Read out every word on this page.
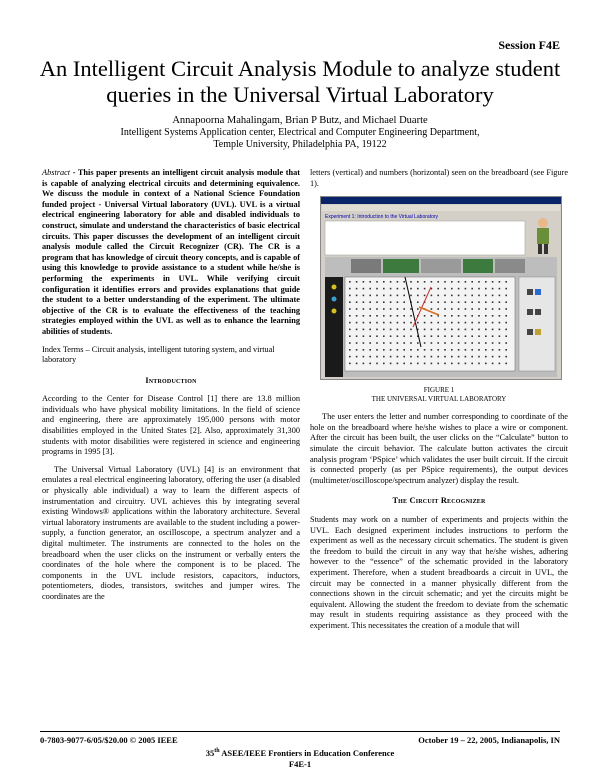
Session F4E
An Intelligent Circuit Analysis Module to analyze student queries in the Universal Virtual Laboratory
Annapoorna Mahalingam, Brian P Butz, and Michael Duarte
Intelligent Systems Application center, Electrical and Computer Engineering Department,
Temple University, Philadelphia PA, 19122

Abstract - This paper presents an intelligent circuit analysis module that is capable of analyzing electrical circuits and determining equivalence. We discuss the module in context of a National Science Foundation funded project - Universal Virtual laboratory (UVL). UVL is a virtual electrical engineering laboratory for able and disabled individuals to construct, simulate and understand the characteristics of basic electrical circuits. This paper discusses the development of an intelligent circuit analysis module called the Circuit Recognizer (CR). The CR is a program that has knowledge of circuit theory concepts, and is capable of using this knowledge to provide assistance to a student while he/she is performing the experiments in UVL. While verifying circuit configuration it identifies errors and provides explanations that guide the student to a better understanding of the experiment. The ultimate objective of the CR is to evaluate the effectiveness of the teaching strategies employed within the UVL as well as to enhance the learning abilities of students.

Index Terms – Circuit analysis, intelligent tutoring system, and virtual laboratory

Introduction

According to the Center for Disease Control [1] there are 13.8 million individuals who have physical mobility limitations. In the field of science and engineering, there are approximately 195,000 persons with motor disabilities employed in the United States [2]. Also, approximately 31,300 students with motor disabilities were registered in science and engineering programs in 1995 [3].

The Universal Virtual Laboratory (UVL) [4] is an environment that emulates a real electrical engineering laboratory, offering the user (a disabled or physically able individual) a way to learn the different aspects of instrumentation and circuitry. UVL achieves this by integrating several existing Windows® applications within the laboratory architecture. Several virtual laboratory instruments are available to the student including a power-supply, a function generator, an oscilloscope, a spectrum analyzer and a digital multimeter. The instruments are connected to the holes on the breadboard when the user clicks on the instrument or verbally enters the coordinates of the hole where the component is to be placed. The components in the UVL include resistors, capacitors, inductors, potentiometers, diodes, transistors, switches and jumper wires. The coordinates are the

letters (vertical) and numbers (horizontal) seen on the breadboard (see Figure 1).

Experiment 1: Introduction to the Virtual Laboratory
FIGURE 1
THE UNIVERSAL VIRTUAL LABORATORY

The user enters the letter and number corresponding to coordinate of the hole on the breadboard where he/she wishes to place a wire or component. After the circuit has been built, the user clicks on the “Calculate” button to simulate the circuit behavior. The calculate button activates the circuit analysis program ‘PSpice’ which validates the user built circuit. If the circuit is connected properly (as per PSpice requirements), the output devices (multimeter/oscilloscope/spectrum analyzer) display the result.

The Circuit Recognizer

Students may work on a number of experiments and projects within the UVL. Each designed experiment includes instructions to perform the experiment as well as the necessary circuit schematics. The student is given the freedom to build the circuit in any way that he/she wishes, adhering however to the “essence” of the schematic provided in the laboratory experiment. Therefore, when a student breadboards a circuit in UVL, the circuit may be connected in a manner physically different from the connections shown in the circuit schematic; and yet the circuits might be equivalent. Allowing the student the freedom to deviate from the schematic may result in students requiring assistance as they proceed with the experiment. This necessitates the creation of a module that will

0-7803-9077-6/05/$20.00 © 2005 IEEE	October 19 – 22, 2005, Indianapolis, IN
35th ASEE/IEEE Frontiers in Education Conference
F4E-1
